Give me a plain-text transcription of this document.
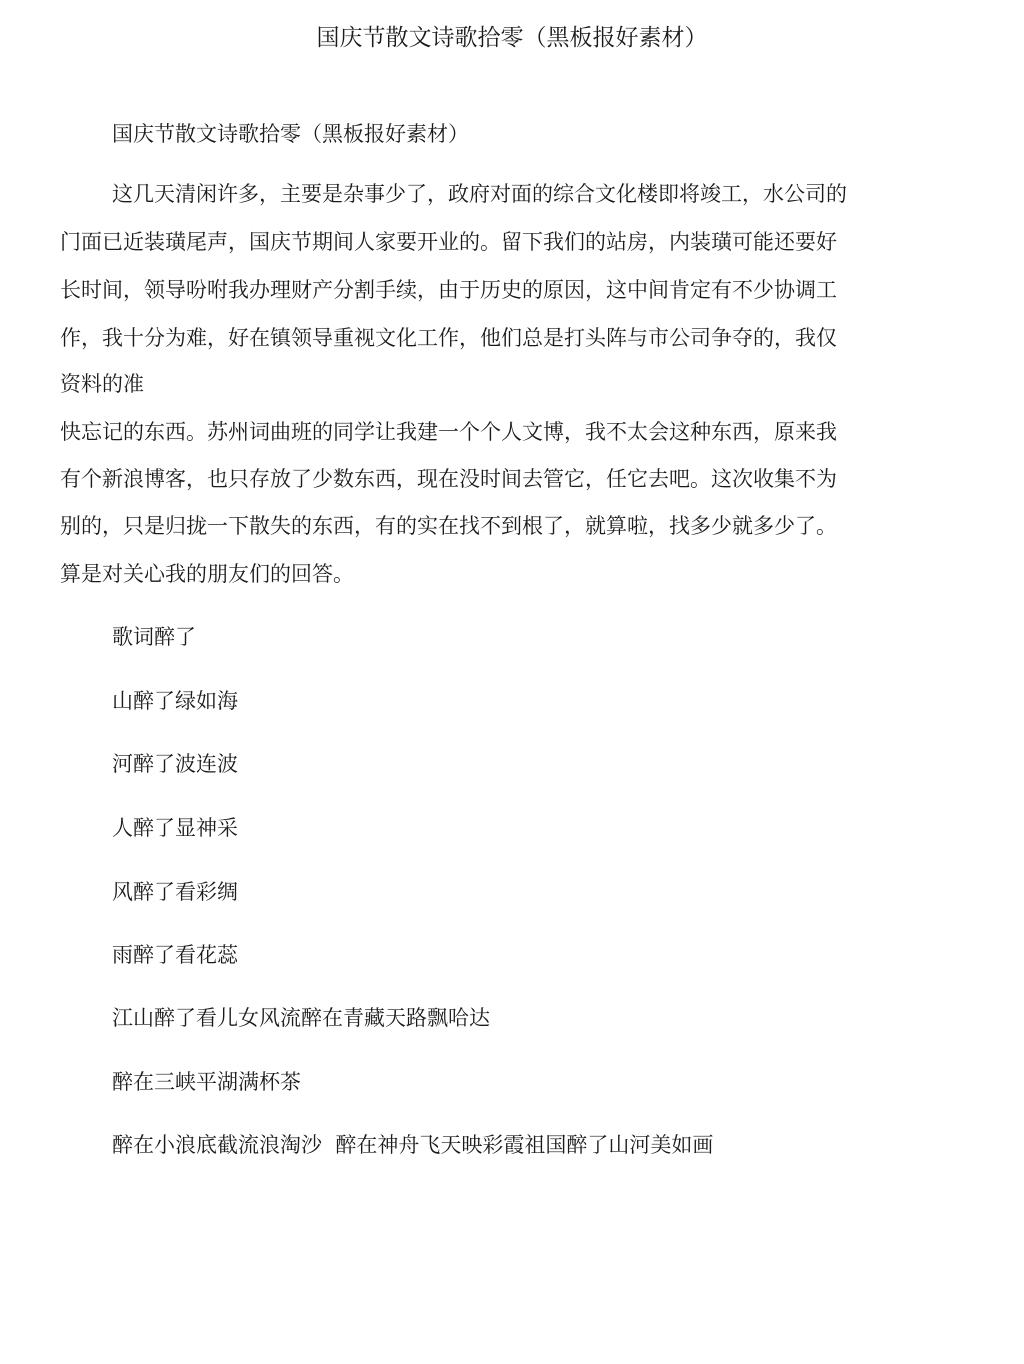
国庆节散文诗歌拾零（黑板报好素材）
国庆节散文诗歌拾零（黑板报好素材）
这几天清闲许多，主要是杂事少了，政府对面的综合文化楼即将竣工，水公司的
门面已近装璜尾声，国庆节期间人家要开业的。留下我们的站房，内装璜可能还要好
长时间，领导吩咐我办理财产分割手续，由于历史的原因，这中间肯定有不少协调工
作，我十分为难，好在镇领导重视文化工作，他们总是打头阵与市公司争夺的，我仅
资料的准
快忘记的东西。苏州词曲班的同学让我建一个个人文博，我不太会这种东西，原来我
有个新浪博客，也只存放了少数东西，现在没时间去管它，任它去吧。这次收集不为
别的，只是归拢一下散失的东西，有的实在找不到根了，就算啦，找多少就多少了。
算是对关心我的朋友们的回答。
歌词醉了
山醉了绿如海
河醉了波连波
人醉了显神采
风醉了看彩绸
雨醉了看花蕊
江山醉了看儿女风流醉在青藏天路飘哈达
醉在三峡平湖满杯茶
醉在小浪底截流浪淘沙  醉在神舟飞天映彩霞祖国醉了山河美如画
